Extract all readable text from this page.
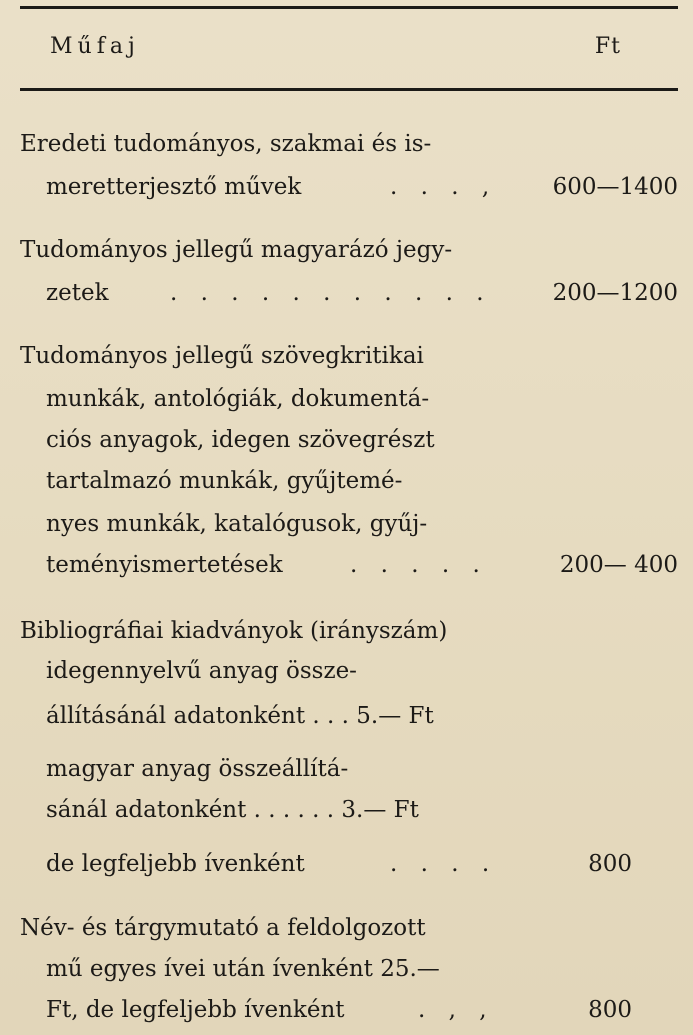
Műfaj	Ft
Eredeti tudományos, szakmai és is-
meretterjesztő művek	. . . , 600—1400
Tudományos jellegű magyarázó jegy-
zetek	. . . . . . . . . . .	200—1200
Tudományos jellegű szövegkritikai
munkák, antológiák, dokumentá-
ciós anyagok, idegen szövegrészt
tartalmazó munkák, gyűjtemé-
nyes munkák, katalógusok, gyűj-
teményismertetések	. . . . .	200— 400
Bibliográfiai kiadványok (irányszám)
idegennyelvű anyag össze-
állításánál adatonként . . . 5.— Ft
magyar anyag összeállítá-
sánál adatonként . . . . . . 3.— Ft
de legfeljebb ívenként	. . . .	800
Név- és tárgymutató a feldolgozott
mű egyes ívei után ívenként 25.—
Ft, de legfeljebb ívenként	. , ,	800
